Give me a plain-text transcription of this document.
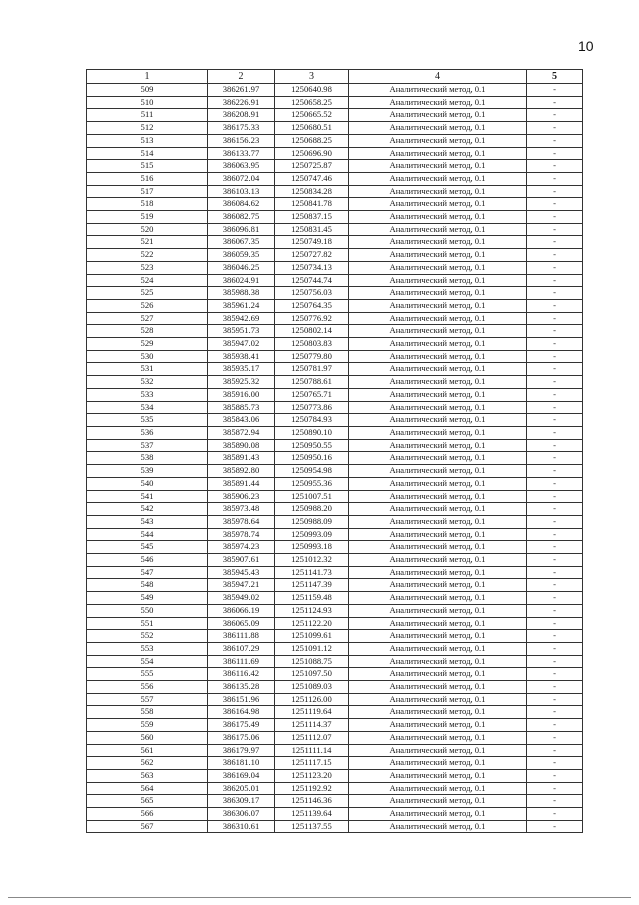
10
1	2	3	4	5
509	386261.97	1250640.98	Аналитический метод, 0.1	-
510	386226.91	1250658.25	Аналитический метод, 0.1	-
511	386208.91	1250665.52	Аналитический метод, 0.1	-
512	386175.33	1250680.51	Аналитический метод, 0.1	-
513	386156.23	1250688.25	Аналитический метод, 0.1	-
514	386133.77	1250696.90	Аналитический метод, 0.1	-
515	386063.95	1250725.87	Аналитический метод, 0.1	-
516	386072.04	1250747.46	Аналитический метод, 0.1	-
517	386103.13	1250834.28	Аналитический метод, 0.1	-
518	386084.62	1250841.78	Аналитический метод, 0.1	-
519	386082.75	1250837.15	Аналитический метод, 0.1	-
520	386096.81	1250831.45	Аналитический метод, 0.1	-
521	386067.35	1250749.18	Аналитический метод, 0.1	-
522	386059.35	1250727.82	Аналитический метод, 0.1	-
523	386046.25	1250734.13	Аналитический метод, 0.1	-
524	386024.91	1250744.74	Аналитический метод, 0.1	-
525	385988.38	1250756.03	Аналитический метод, 0.1	-
526	385961.24	1250764.35	Аналитический метод, 0.1	-
527	385942.69	1250776.92	Аналитический метод, 0.1	-
528	385951.73	1250802.14	Аналитический метод, 0.1	-
529	385947.02	1250803.83	Аналитический метод, 0.1	-
530	385938.41	1250779.80	Аналитический метод, 0.1	-
531	385935.17	1250781.97	Аналитический метод, 0.1	-
532	385925.32	1250788.61	Аналитический метод, 0.1	-
533	385916.00	1250765.71	Аналитический метод, 0.1	-
534	385885.73	1250773.86	Аналитический метод, 0.1	-
535	385843.06	1250784.93	Аналитический метод, 0.1	-
536	385872.94	1250890.10	Аналитический метод, 0.1	-
537	385890.08	1250950.55	Аналитический метод, 0.1	-
538	385891.43	1250950.16	Аналитический метод, 0.1	-
539	385892.80	1250954.98	Аналитический метод, 0.1	-
540	385891.44	1250955.36	Аналитический метод, 0.1	-
541	385906.23	1251007.51	Аналитический метод, 0.1	-
542	385973.48	1250988.20	Аналитический метод, 0.1	-
543	385978.64	1250988.09	Аналитический метод, 0.1	-
544	385978.74	1250993.09	Аналитический метод, 0.1	-
545	385974.23	1250993.18	Аналитический метод, 0.1	-
546	385907.61	1251012.32	Аналитический метод, 0.1	-
547	385945.43	1251141.73	Аналитический метод, 0.1	-
548	385947.21	1251147.39	Аналитический метод, 0.1	-
549	385949.02	1251159.48	Аналитический метод, 0.1	-
550	386066.19	1251124.93	Аналитический метод, 0.1	-
551	386065.09	1251122.20	Аналитический метод, 0.1	-
552	386111.88	1251099.61	Аналитический метод, 0.1	-
553	386107.29	1251091.12	Аналитический метод, 0.1	-
554	386111.69	1251088.75	Аналитический метод, 0.1	-
555	386116.42	1251097.50	Аналитический метод, 0.1	-
556	386135.28	1251089.03	Аналитический метод, 0.1	-
557	386151.96	1251126.00	Аналитический метод, 0.1	-
558	386164.98	1251119.64	Аналитический метод, 0.1	-
559	386175.49	1251114.37	Аналитический метод, 0.1	-
560	386175.06	1251112.07	Аналитический метод, 0.1	-
561	386179.97	1251111.14	Аналитический метод, 0.1	-
562	386181.10	1251117.15	Аналитический метод, 0.1	-
563	386169.04	1251123.20	Аналитический метод, 0.1	-
564	386205.01	1251192.92	Аналитический метод, 0.1	-
565	386309.17	1251146.36	Аналитический метод, 0.1	-
566	386306.07	1251139.64	Аналитический метод, 0.1	-
567	386310.61	1251137.55	Аналитический метод, 0.1	-
